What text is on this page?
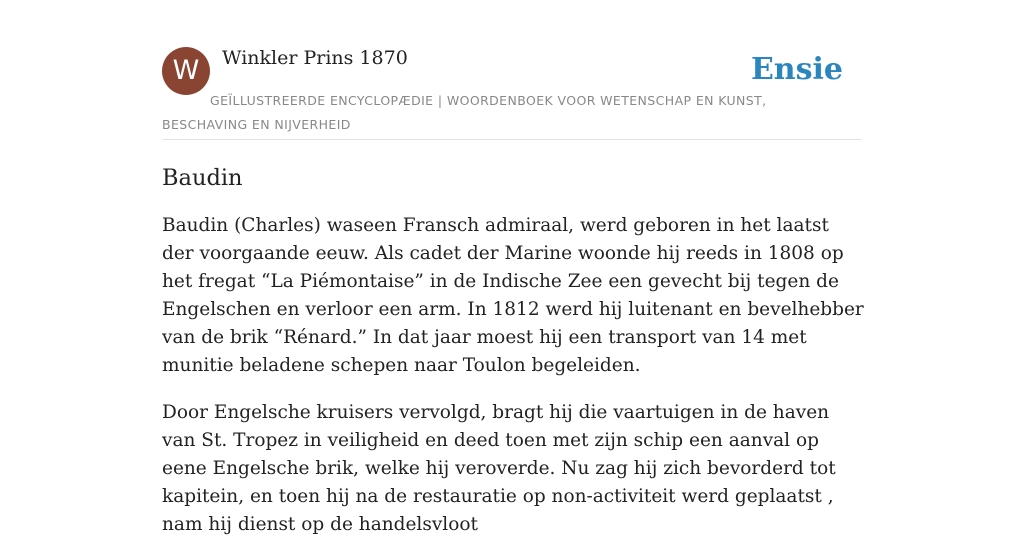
W	Winkler Prins 1870	Ensie

GEÏLLUSTREERDE ENCYCLOPÆDIE | WOORDENBOEK VOOR WETENSCHAP EN KUNST, BESCHAVING EN NIJVERHEID

Baudin

Baudin (Charles) waseen Fransch admiraal, werd geboren in het laatst der voorgaande eeuw. Als cadet der Marine woonde hij reeds in 1808 op het fregat “La Piémontaise” in de Indische Zee een gevecht bij tegen de Engelschen en verloor een arm. In 1812 werd hij luitenant en bevelhebber van de brik “Rénard.” In dat jaar moest hij een transport van 14 met munitie beladene schepen naar Toulon begeleiden.

Door Engelsche kruisers vervolgd, bragt hij die vaartuigen in de haven van St. Tropez in veiligheid en deed toen met zijn schip een aanval op eene Engelsche brik, welke hij veroverde. Nu zag hij zich bevorderd tot kapitein, en toen hij na de restauratie op non-activiteit werd geplaatst , nam hij dienst op de handelsvloot
